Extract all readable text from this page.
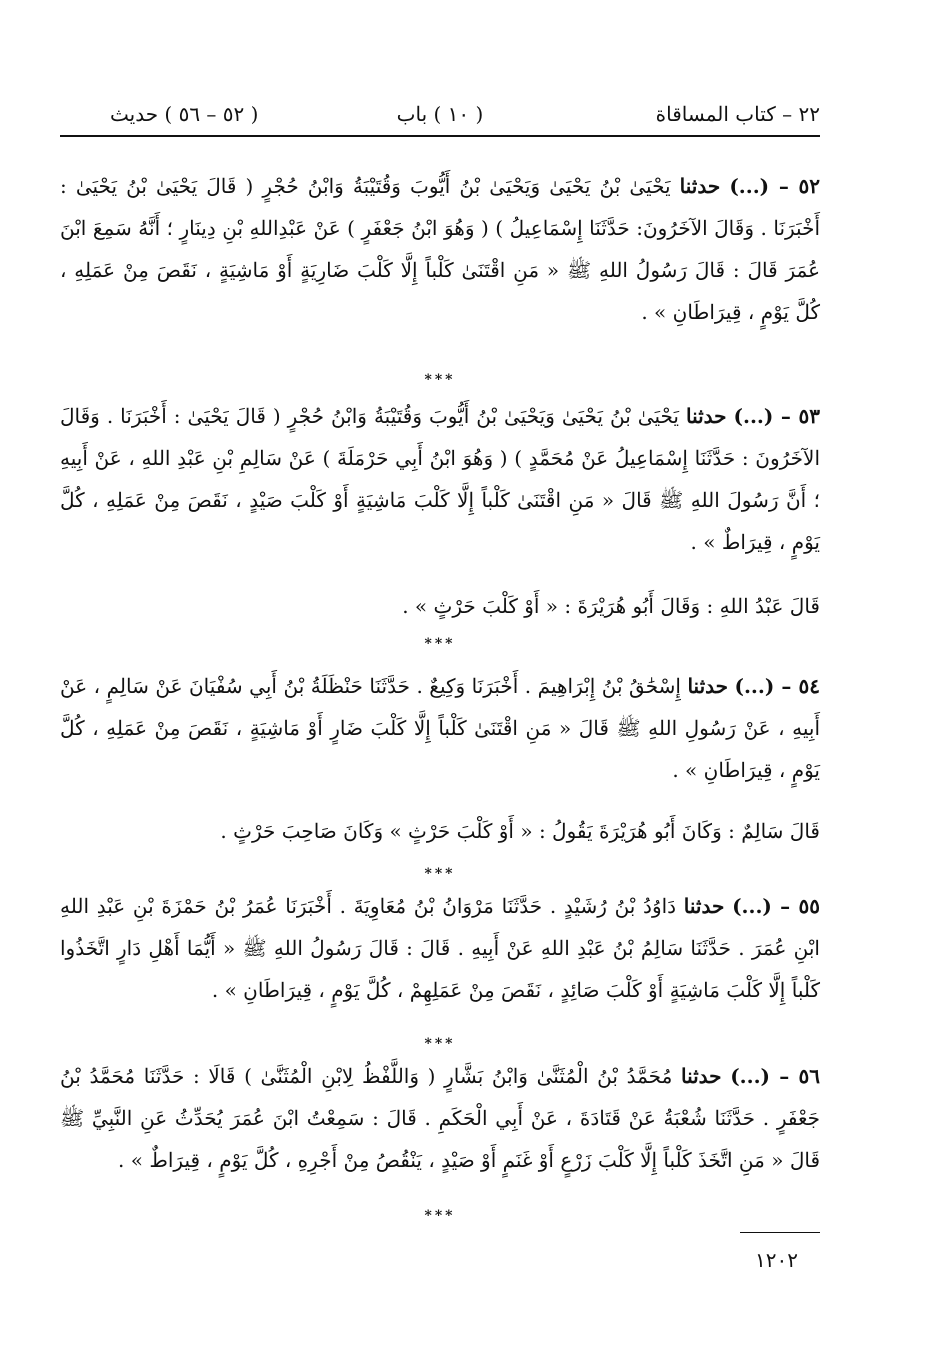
٢٢ – كتاب المساقاة
( ١٠ ) باب
( ٥٢ – ٥٦ ) حديث

٥٢ – (...) حدثنا يَحْيَىٰ بْنُ يَحْيَىٰ وَيَحْيَىٰ بْنُ أَيُّوبَ وَقُتَيْبَةُ وَابْنُ حُجْرٍ ( قَالَ يَحْيَىٰ بْنُ يَحْيَىٰ : أَخْبَرَنَا . وَقَالَ الآخَرُونَ: حَدَّثَنَا إِسْمَاعِيلُ ) ( وَهُوَ ابْنُ جَعْفَرٍ ) عَنْ عَبْدِاللهِ بْنِ دِينَارٍ ؛ أَنَّهُ سَمِعَ ابْنَ عُمَرَ قَالَ : قَالَ رَسُولُ اللهِ ﷺ « مَنِ اقْتَنَىٰ كَلْباً إِلَّا كَلْبَ ضَارِيَةٍ أَوْ مَاشِيَةٍ ، نَقَصَ مِنْ عَمَلِهِ ، كُلَّ يَوْمٍ ، قِيرَاطَانِ » .

***

٥٣ – (...) حدثنا يَحْيَىٰ بْنُ يَحْيَىٰ وَيَحْيَىٰ بْنُ أَيُّوبَ وَقُتَيْبَةُ وَابْنُ حُجْرٍ ( قَالَ يَحْيَىٰ : أَخْبَرَنَا . وَقَالَ الآخَرُونَ : حَدَّثَنَا إِسْمَاعِيلُ عَنْ مُحَمَّدٍ ) ( وَهُوَ ابْنُ أَبِي حَرْمَلَةَ ) عَنْ سَالِمِ بْنِ عَبْدِ اللهِ ، عَنْ أَبِيهِ ؛ أَنَّ رَسُولَ اللهِ ﷺ قَالَ « مَنِ اقْتَنَىٰ كَلْباً إِلَّا كَلْبَ مَاشِيَةٍ أَوْ كَلْبَ صَيْدٍ ، نَقَصَ مِنْ عَمَلِهِ ، كُلَّ يَوْمٍ ، قِيرَاطٌ » .

قَالَ عَبْدُ اللهِ : وَقَالَ أَبُو هُرَيْرَةَ : « أَوْ كَلْبَ حَرْثٍ » .

***

٥٤ – (...) حدثنا إِسْحَٰقُ بْنُ إِبْرَاهِيمَ . أَخْبَرَنَا وَكِيعٌ . حَدَّثَنَا حَنْظَلَةُ بْنُ أَبِي سُفْيَانَ عَنْ سَالِمٍ ، عَنْ أَبِيهِ ، عَنْ رَسُولِ اللهِ ﷺ قَالَ « مَنِ اقْتَنَىٰ كَلْباً إِلَّا كَلْبَ ضَارٍ أَوْ مَاشِيَةٍ ، نَقَصَ مِنْ عَمَلِهِ ، كُلَّ يَوْمٍ ، قِيرَاطَانِ » .

قَالَ سَالِمٌ : وَكَانَ أَبُو هُرَيْرَةَ يَقُولُ : « أَوْ كَلْبَ حَرْثٍ » وَكَانَ صَاحِبَ حَرْثٍ .

***

٥٥ – (...) حدثنا دَاوُدُ بْنُ رُشَيْدٍ . حَدَّثَنَا مَرْوَانُ بْنُ مُعَاوِيَةَ . أَخْبَرَنَا عُمَرُ بْنُ حَمْزَةَ بْنِ عَبْدِ اللهِ ابْنِ عُمَرَ . حَدَّثَنَا سَالِمُ بْنُ عَبْدِ اللهِ عَنْ أَبِيهِ . قَالَ : قَالَ رَسُولُ اللهِ ﷺ « أَيُّمَا أَهْلِ دَارٍ اتَّخَذُوا كَلْباً إِلَّا كَلْبَ مَاشِيَةٍ أَوْ كَلْبَ صَائِدٍ ، نَقَصَ مِنْ عَمَلِهِمْ ، كُلَّ يَوْمٍ ، قِيرَاطَانِ » .

***

٥٦ – (...) حدثنا مُحَمَّدُ بْنُ الْمُثَنَّىٰ وَابْنُ بَشَّارٍ ( وَاللَّفْظُ لِابْنِ الْمُثَنَّىٰ ) قَالَا : حَدَّثَنَا مُحَمَّدُ بْنُ جَعْفَرٍ . حَدَّثَنَا شُعْبَةُ عَنْ قَتَادَةَ ، عَنْ أَبِي الْحَكَمِ . قَالَ : سَمِعْتُ ابْنَ عُمَرَ يُحَدِّثُ عَنِ النَّبِيِّ ﷺ قَالَ « مَنِ اتَّخَذَ كَلْباً إِلَّا كَلْبَ زَرْعٍ أَوْ غَنَمٍ أَوْ صَيْدٍ ، يَنْقُصُ مِنْ أَجْرِهِ ، كُلَّ يَوْمٍ ، قِيرَاطٌ » .

***
١٢٠٢
